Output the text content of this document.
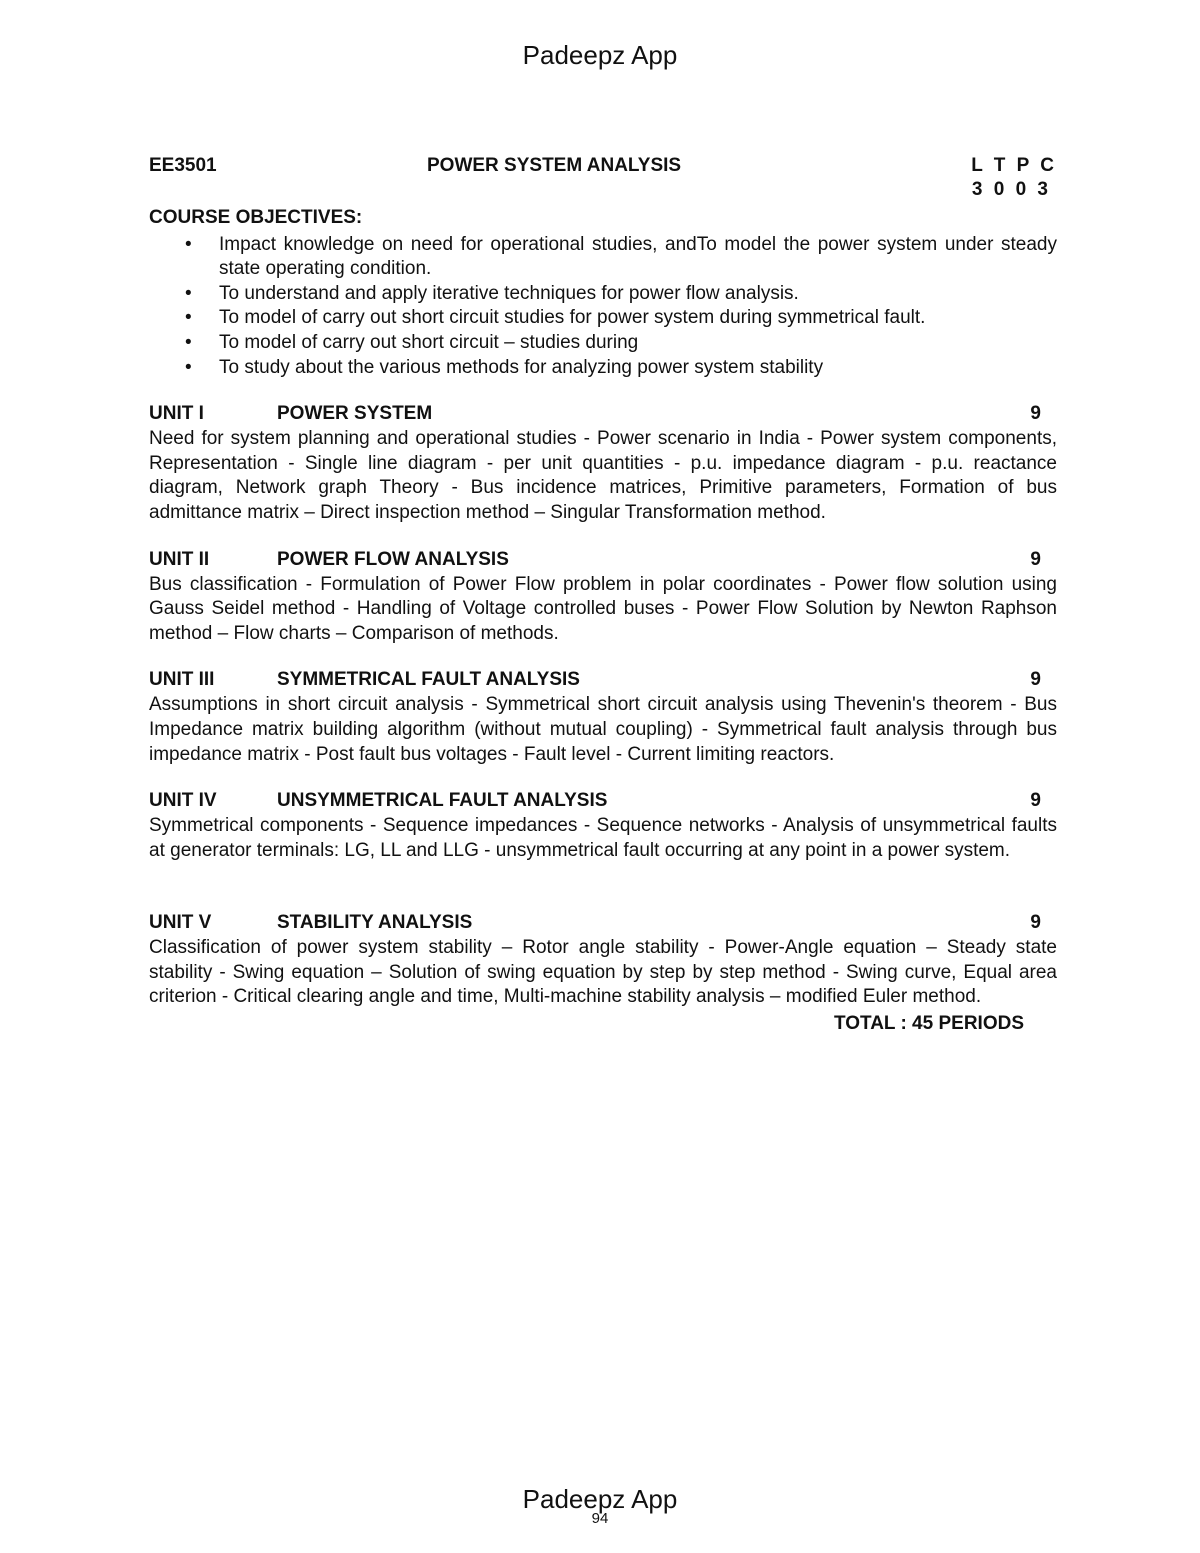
Padeepz App
EE3501	POWER SYSTEM ANALYSIS	L T P C
3 0 0 3
COURSE OBJECTIVES:
• Impact knowledge on need for operational studies, andTo model the power system under steady state operating condition.
• To understand and apply iterative techniques for power flow analysis.
• To model of carry out short circuit studies for power system during symmetrical fault.
• To model of carry out short circuit – studies during
• To study about the various methods for analyzing power system stability
UNIT I	POWER SYSTEM	9
Need for system planning and operational studies - Power scenario in India - Power system components, Representation - Single line diagram - per unit quantities - p.u. impedance diagram - p.u. reactance diagram, Network graph Theory - Bus incidence matrices, Primitive parameters, Formation of bus admittance matrix – Direct inspection method – Singular Transformation method.
UNIT II	POWER FLOW ANALYSIS	9
Bus classification - Formulation of Power Flow problem in polar coordinates - Power flow solution using Gauss Seidel method - Handling of Voltage controlled buses - Power Flow Solution by Newton Raphson method – Flow charts – Comparison of methods.
UNIT III	SYMMETRICAL FAULT ANALYSIS	9
Assumptions in short circuit analysis - Symmetrical short circuit analysis using Thevenin's theorem - Bus Impedance matrix building algorithm (without mutual coupling) - Symmetrical fault analysis through bus impedance matrix - Post fault bus voltages - Fault level - Current limiting reactors.
UNIT IV	UNSYMMETRICAL FAULT ANALYSIS	9
Symmetrical components - Sequence impedances - Sequence networks - Analysis of unsymmetrical faults at generator terminals: LG, LL and LLG - unsymmetrical fault occurring at any point in a power system.
UNIT V	STABILITY ANALYSIS	9
Classification of power system stability – Rotor angle stability - Power-Angle equation – Steady state stability - Swing equation – Solution of swing equation by step by step method - Swing curve, Equal area criterion - Critical clearing angle and time, Multi-machine stability analysis – modified Euler method.
TOTAL : 45 PERIODS
Padeepz App
94
